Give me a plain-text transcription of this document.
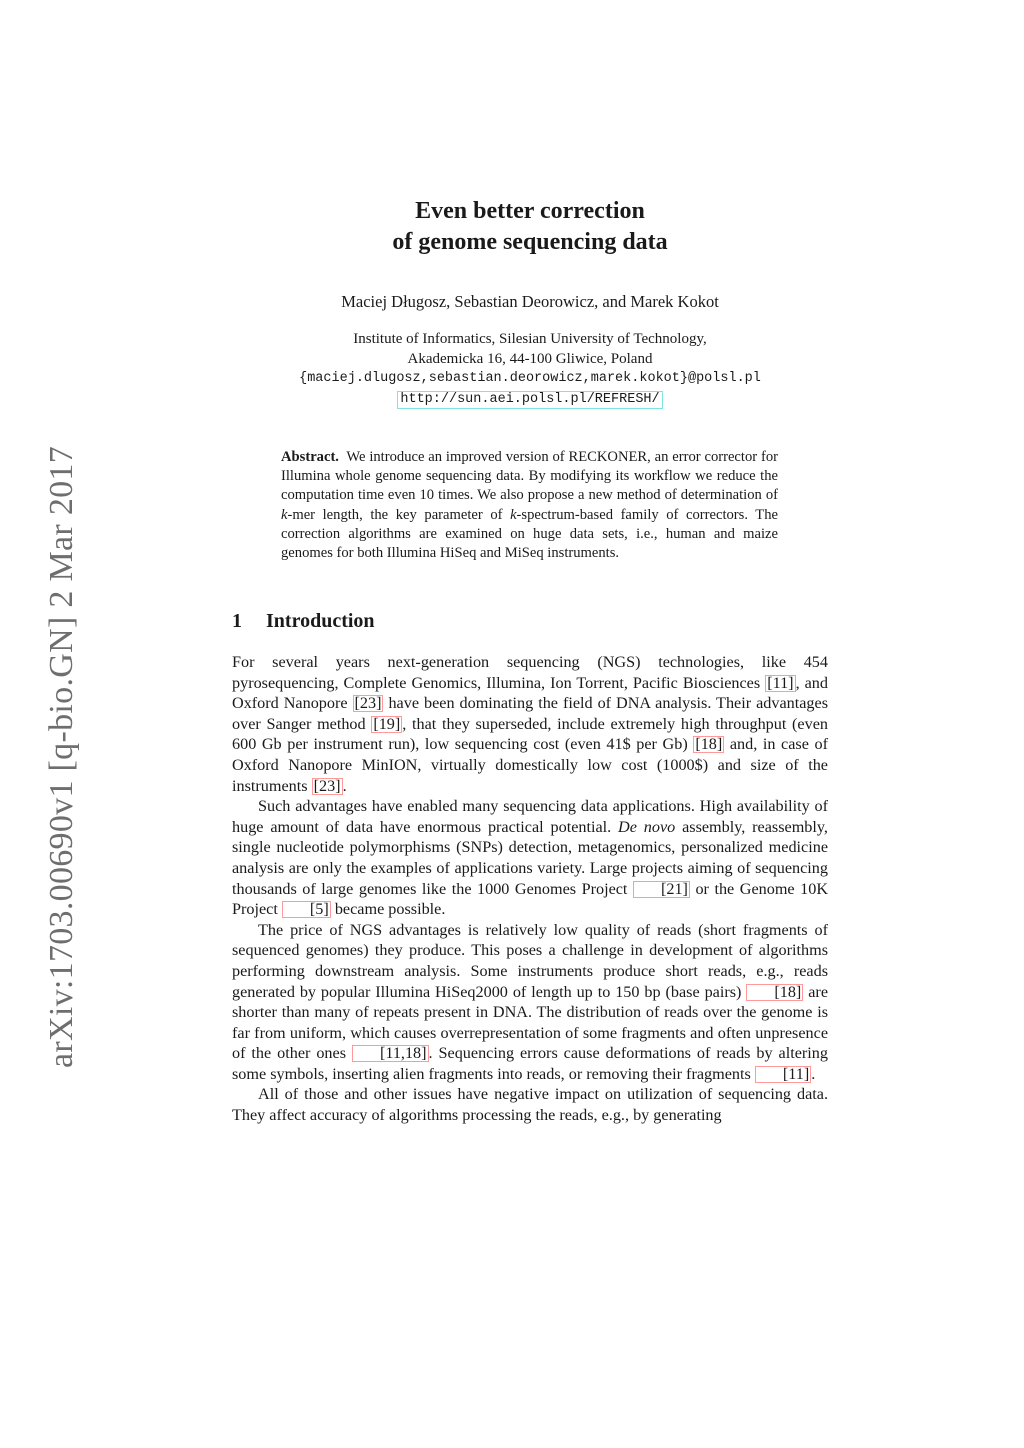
arXiv:1703.00690v1 [q-bio.GN] 2 Mar 2017
Even better correction
of genome sequencing data
Maciej Długosz, Sebastian Deorowicz, and Marek Kokot
Institute of Informatics, Silesian University of Technology,
Akademicka 16, 44-100 Gliwice, Poland
{maciej.dlugosz,sebastian.deorowicz,marek.kokot}@polsl.pl
http://sun.aei.polsl.pl/REFRESH/
Abstract. We introduce an improved version of RECKONER, an error corrector for Illumina whole genome sequencing data. By modifying its workflow we reduce the computation time even 10 times. We also propose a new method of determination of k-mer length, the key parameter of k-spectrum-based family of correctors. The correction algorithms are examined on huge data sets, i.e., human and maize genomes for both Illumina HiSeq and MiSeq instruments.
1 Introduction

For several years next-generation sequencing (NGS) technologies, like 454 pyrosequencing, Complete Genomics, Illumina, Ion Torrent, Pacific Biosciences [11] , and Oxford Nanopore [23] have been dominating the field of DNA analysis. Their advantages over Sanger method [19] , that they superseded, include extremely high throughput (even 600 Gb per instrument run), low sequencing cost (even 41$ per Gb) [18] and, in case of Oxford Nanopore MinION, virtually domestically low cost (1000$) and size of the instruments [23] .

Such advantages have enabled many sequencing data applications. High availability of huge amount of data have enormous practical potential. De novo assembly, reassembly, single nucleotide polymorphisms (SNPs) detection, metagenomics, personalized medicine analysis are only the examples of applications variety. Large projects aiming of sequencing thousands of large genomes like the 1000 Genomes Project [21] or the Genome 10K Project [5] became possible.

The price of NGS advantages is relatively low quality of reads (short fragments of sequenced genomes) they produce. This poses a challenge in development of algorithms performing downstream analysis. Some instruments produce short reads, e.g., reads generated by popular Illumina HiSeq2000 of length up to 150 bp (base pairs) [18] are shorter than many of repeats present in DNA. The distribution of reads over the genome is far from uniform, which causes overrepresentation of some fragments and often unpresence of the other ones [11,18] . Sequencing errors cause deformations of reads by altering some symbols, inserting alien fragments into reads, or removing their fragments [11] .

All of those and other issues have negative impact on utilization of sequencing data. They affect accuracy of algorithms processing the reads, e.g., by generating
